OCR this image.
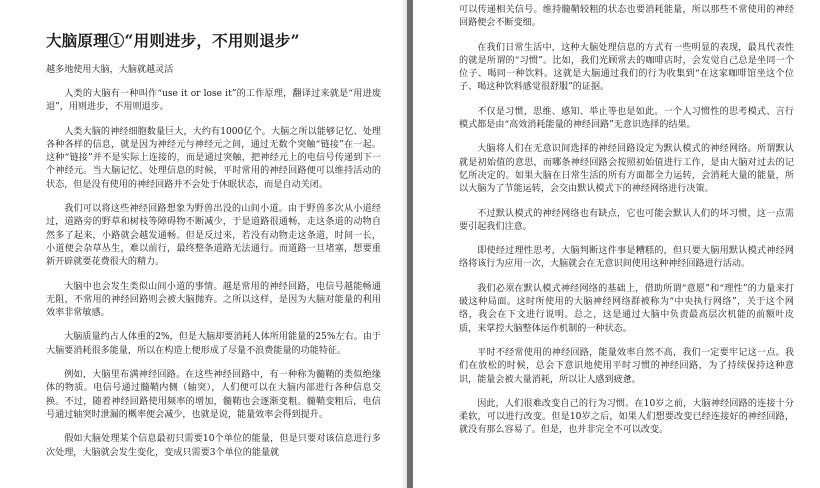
大脑原理①“用则进步，不用则退步”
越多地使用大脑，大脑就越灵活

人类的大脑有一种叫作“use it or lose it”的工作原理，翻译过来就是“用进废退”，用则进步，不用则退步。

人类大脑的神经细胞数量巨大，大约有1000亿个。大脑之所以能够记忆、处理各种各样的信息，就是因为神经元与神经元之间，通过无数个突触“链接”在一起。这种“链接”并不是实际上连接的，而是通过突触，把神经元上的电信号传递到下一个神经元。当大脑记忆、处理信息的时候，平时常用的神经回路便可以维持活动的状态，但是没有使用的神经回路并不会处于休眠状态，而是自动关闭。

我们可以将这些神经回路想象为野兽出没的山间小道。由于野兽多次从小道经过，道路旁的野草和树枝等障碍物不断减少，于是道路很通畅，走这条道的动物自然多了起来，小路就会越发通畅。但是反过来，若没有动物走这条道，时间一长，小道便会杂草丛生，难以前行，最终整条道路无法通行。而道路一旦堵塞，想要重新开辟就要花费很大的精力。

大脑中也会发生类似山间小道的事情。越是常用的神经回路，电信号越能畅通无阻，不常用的神经回路则会被大脑抛弃。之所以这样，是因为大脑对能量的利用效率非常敏感。

大脑质量约占人体重的2%，但是大脑却要消耗人体所用能量的25%左右。由于大脑要消耗很多能量，所以在构造上便形成了尽量不浪费能量的功能特征。

例如，大脑里布满神经回路。在这些神经回路中，有一种称为髓鞘的类似绝缘体的物质。电信号通过髓鞘内侧（轴突），人们便可以在大脑内部进行各种信息交换。不过，随着神经回路使用频率的增加，髓鞘也会逐渐变粗。髓鞘变粗后，电信号通过轴突时泄漏的概率便会减少，也就是说，能量效率会得到提升。

假如大脑处理某个信息最初只需要10个单位的能量，但是只要对该信息进行多次处理，大脑就会发生变化，变成只需要3个单位的能量就

可以传递相关信号。维持髓鞘较粗的状态也要消耗能量，所以那些不常使用的神经回路便会不断变细。

在我们日常生活中，这种大脑处理信息的方式有一些明显的表现，最具代表性的就是所谓的“习惯”。比如，我们光顾常去的咖啡店时，会发觉自己总是坐同一个位子、喝同一种饮料。这就是大脑通过我们的行为收集到“在这家咖啡馆坐这个位子、喝这种饮料感觉很舒服”的证据。

不仅是习惯，思维、感知、举止等也是如此。一个人习惯性的思考模式、言行模式都是由“高效消耗能量的神经回路”无意识选择的结果。

大脑将人们在无意识间选择的神经回路设定为默认模式的神经网络。所谓默认就是初始值的意思，而哪条神经回路会按照初始值进行工作，是由大脑对过去的记忆所决定的。如果大脑在日常生活的所有方面都全力运转，会消耗大量的能量，所以大脑为了节能运转，会交由默认模式下的神经网络进行决策。

不过默认模式的神经网络也有缺点，它也可能会默认人们的坏习惯，这一点需要引起我们注意。

即使经过理性思考，大脑判断这件事是糟糕的，但只要大脑用默认模式神经网络将该行为应用一次，大脑就会在无意识间使用这种神经回路进行活动。

我们必须在默认模式神经网络的基础上，借助所谓“意愿”和“理性”的力量来打破这种局面。这时所使用的大脑神经网络群被称为“中央执行网络”，关于这个网络，我会在下文进行说明。总之，这是通过大脑中负责最高层次机能的前额叶皮质，来掌控大脑整体运作机制的一种状态。

平时不经常使用的神经回路，能量效率自然不高，我们一定要牢记这一点。我们在放松的时候，总会下意识地使用平时习惯的神经回路，为了持续保持这种意识，能量会被大量消耗，所以让人感到疲惫。

因此，人们很难改变自己的行为习惯。在10岁之前，大脑神经回路的连接十分柔软，可以进行改变。但是10岁之后，如果人们想要改变已经连接好的神经回路，就没有那么容易了。但是，也并非完全不可以改变。
